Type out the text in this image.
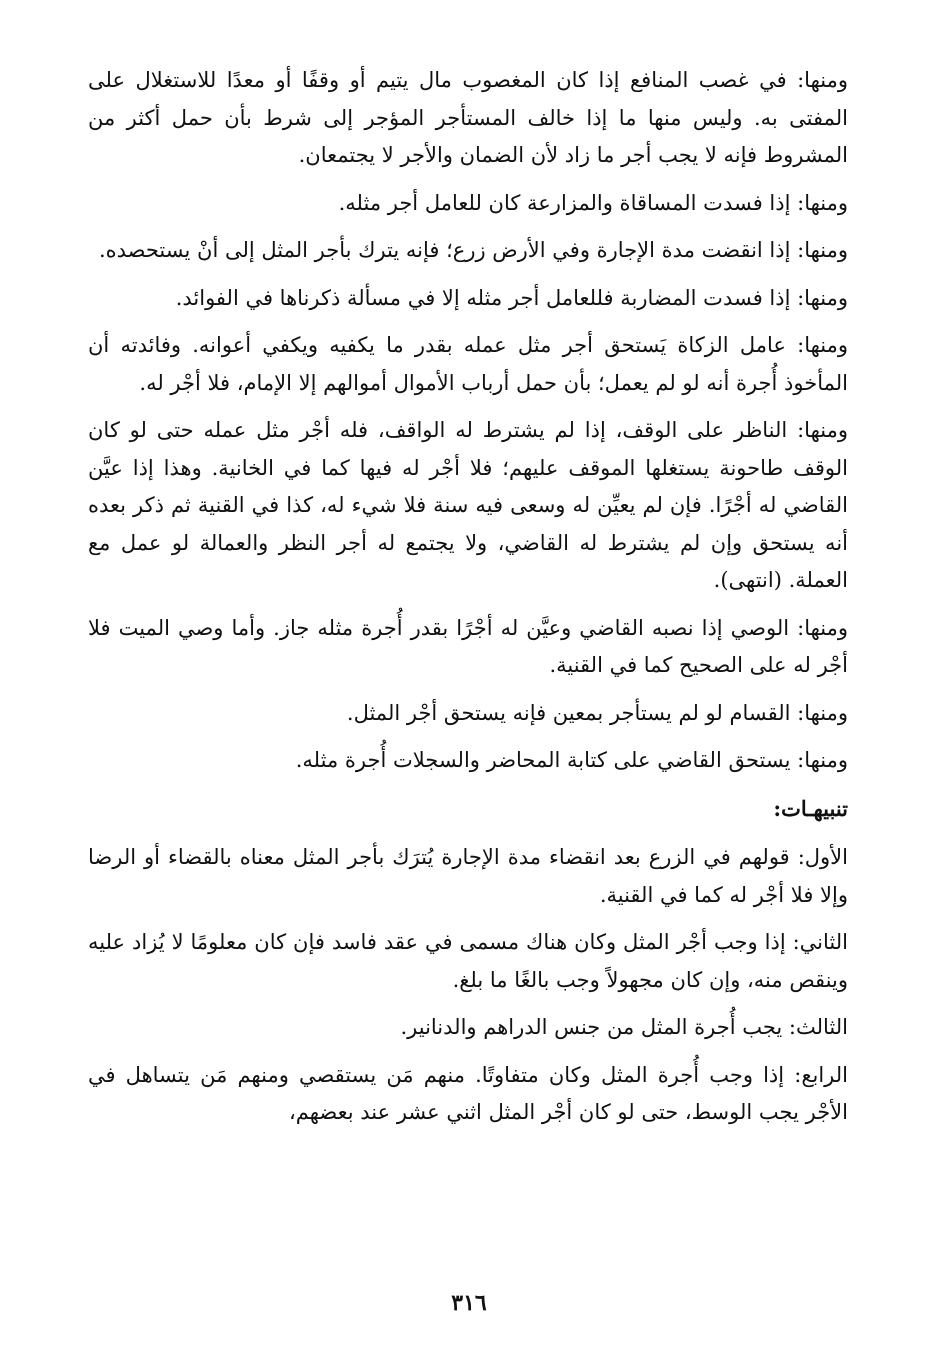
ومنها: في غصب المنافع إذا كان المغصوب مال يتيم أو وقفًا أو معدًا للاستغلال على المفتى به. وليس منها ما إذا خالف المستأجر المؤجر إلى شرط بأن حمل أكثر من المشروط فإنه لا يجب أجر ما زاد لأن الضمان والأجر لا يجتمعان.

ومنها: إذا فسدت المساقاة والمزارعة كان للعامل أجر مثله.

ومنها: إذا انقضت مدة الإجارة وفي الأرض زرع؛ فإنه يترك بأجر المثل إلى أنْ يستحصده.

ومنها: إذا فسدت المضاربة فللعامل أجر مثله إلا في مسألة ذكرناها في الفوائد.

ومنها: عامل الزكاة يَستحق أجر مثل عمله بقدر ما يكفيه ويكفي أعوانه. وفائدته أن المأخوذ أُجرة أنه لو لم يعمل؛ بأن حمل أرباب الأموال أموالهم إلا الإمام، فلا أجْر له.

ومنها: الناظر على الوقف، إذا لم يشترط له الواقف، فله أجْر مثل عمله حتى لو كان الوقف طاحونة يستغلها الموقف عليهم؛ فلا أجْر له فيها كما في الخانية. وهذا إذا عيَّن القاضي له أجْرًا. فإن لم يعيِّن له وسعى فيه سنة فلا شيء له، كذا في القنية ثم ذكر بعده أنه يستحق وإن لم يشترط له القاضي، ولا يجتمع له أجر النظر والعمالة لو عمل مع العملة. (انتهى).

ومنها: الوصي إذا نصبه القاضي وعيَّن له أجْرًا بقدر أُجرة مثله جاز. وأما وصي الميت فلا أجْر له على الصحيح كما في القنية.

ومنها: القسام لو لم يستأجر بمعين فإنه يستحق أجْر المثل.

ومنها: يستحق القاضي على كتابة المحاضر والسجلات أُجرة مثله.

تنبيهـات:

الأول: قولهم في الزرع بعد انقضاء مدة الإجارة يُترَك بأجر المثل معناه بالقضاء أو الرضا وإلا فلا أجْر له كما في القنية.

الثاني: إذا وجب أجْر المثل وكان هناك مسمى في عقد فاسد فإن كان معلومًا لا يُزاد عليه وينقص منه، وإن كان مجهولاً وجب بالغًا ما بلغ.

الثالث: يجب أُجرة المثل من جنس الدراهم والدنانير.

الرابع: إذا وجب أُجرة المثل وكان متفاوتًا. منهم مَن يستقصي ومنهم مَن يتساهل في الأجْر يجب الوسط، حتى لو كان أجْر المثل اثني عشر عند بعضهم،

٣١٦
